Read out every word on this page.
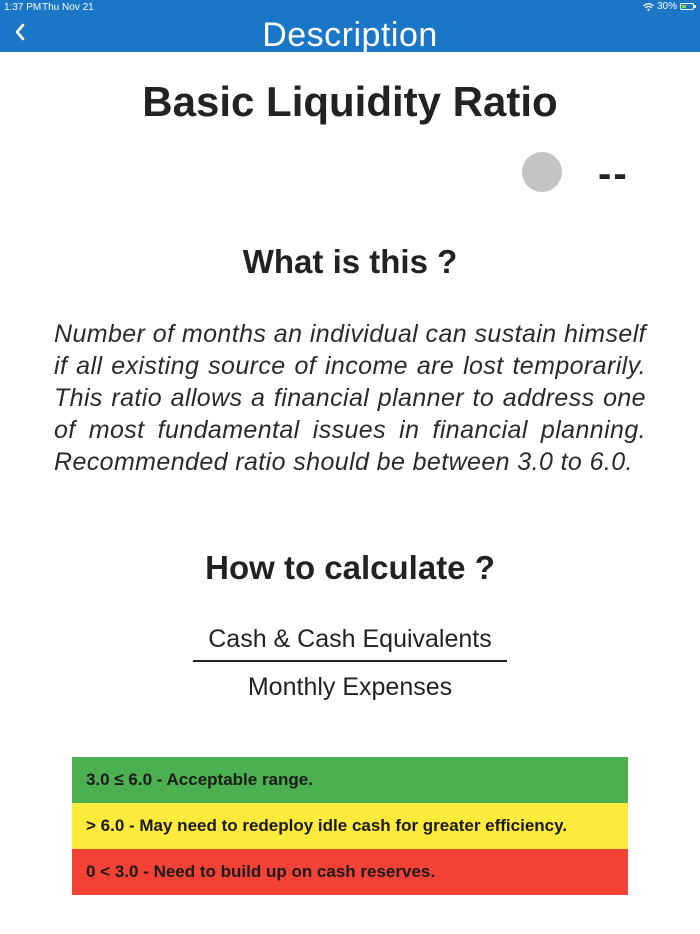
1:37 PM Thu Nov 21	30%
Description
Basic Liquidity Ratio
--
What is this ?

Number of months an individual can sustain himself if all existing source of income are lost temporarily. This ratio allows a financial planner to address one of most fundamental issues in financial planning. Recommended ratio should be between 3.0 to 6.0.

How to calculate ?
Cash & Cash Equivalents
Monthly Expenses
3.0 ≤ 6.0 - Acceptable range.
> 6.0 - May need to redeploy idle cash for greater efficiency.
0 < 3.0 - Need to build up on cash reserves.
